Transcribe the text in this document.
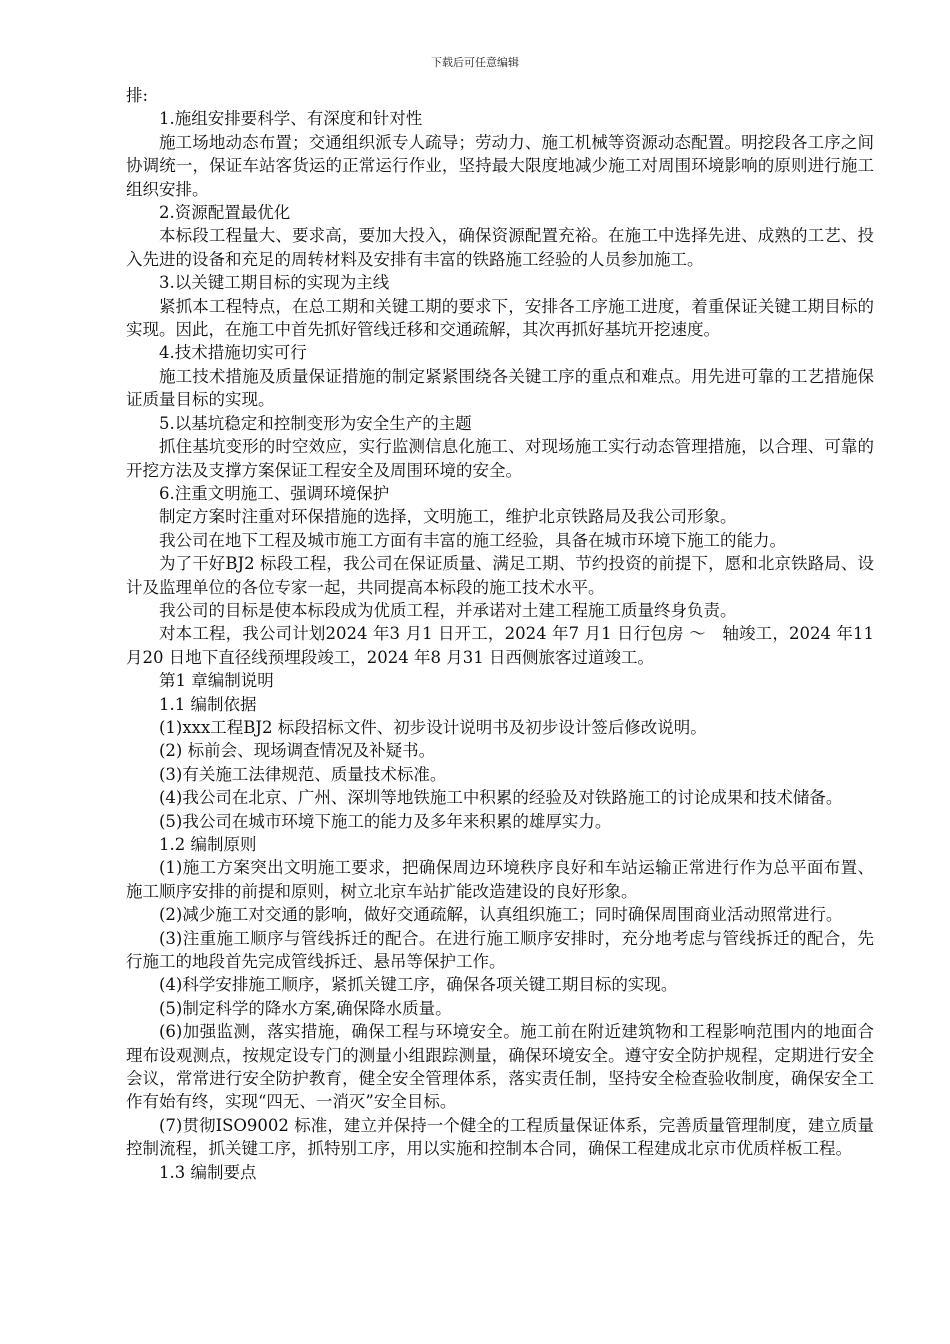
下载后可任意编辑

排:

1.施组安排要科学、有深度和针对性

施工场地动态布置；交通组织派专人疏导；劳动力、施工机械等资源动态配置。明挖段各工序之间协调统一，保证车站客货运的正常运行作业，坚持最大限度地减少施工对周围环境影响的原则进行施工组织安排。

2.资源配置最优化

本标段工程量大、要求高，要加大投入，确保资源配置充裕。在施工中选择先进、成熟的工艺、投入先进的设备和充足的周转材料及安排有丰富的铁路施工经验的人员参加施工。

3.以关键工期目标的实现为主线

紧抓本工程特点，在总工期和关键工期的要求下，安排各工序施工进度，着重保证关键工期目标的实现。因此，在施工中首先抓好管线迁移和交通疏解，其次再抓好基坑开挖速度。

4.技术措施切实可行

施工技术措施及质量保证措施的制定紧紧围绕各关键工序的重点和难点。用先进可靠的工艺措施保证质量目标的实现。

5.以基坑稳定和控制变形为安全生产的主题

抓住基坑变形的时空效应，实行监测信息化施工、对现场施工实行动态管理措施，以合理、可靠的开挖方法及支撑方案保证工程安全及周围环境的安全。

6.注重文明施工、强调环境保护

制定方案时注重对环保措施的选择，文明施工，维护北京铁路局及我公司形象。

我公司在地下工程及城市施工方面有丰富的施工经验，具备在城市环境下施工的能力。

为了干好BJ2 标段工程，我公司在保证质量、满足工期、节约投资的前提下，愿和北京铁路局、设计及监理单位的各位专家一起，共同提高本标段的施工技术水平。

我公司的目标是使本标段成为优质工程，并承诺对土建工程施工质量终身负责。

对本工程，我公司计划2024 年3 月1 日开工，2024 年7 月1 日行包房 ～　轴竣工，2024 年11 月20 日地下直径线预埋段竣工，2024 年8 月31 日西侧旅客过道竣工。

第1 章编制说明

1.1 编制依据

(1)xxx工程BJ2 标段招标文件、初步设计说明书及初步设计签后修改说明。

(2) 标前会、现场调查情况及补疑书。

(3)有关施工法律规范、质量技术标准。

(4)我公司在北京、广州、深圳等地铁施工中积累的经验及对铁路施工的讨论成果和技术储备。

(5)我公司在城市环境下施工的能力及多年来积累的雄厚实力。

1.2 编制原则

(1)施工方案突出文明施工要求，把确保周边环境秩序良好和车站运输正常进行作为总平面布置、施工顺序安排的前提和原则，树立北京车站扩能改造建设的良好形象。

(2)减少施工对交通的影响，做好交通疏解，认真组织施工；同时确保周围商业活动照常进行。

(3)注重施工顺序与管线拆迁的配合。在进行施工顺序安排时，充分地考虑与管线拆迁的配合，先行施工的地段首先完成管线拆迁、悬吊等保护工作。

(4)科学安排施工顺序，紧抓关键工序，确保各项关键工期目标的实现。

(5)制定科学的降水方案,确保降水质量。

(6)加强监测，落实措施，确保工程与环境安全。施工前在附近建筑物和工程影响范围内的地面合理布设观测点，按规定设专门的测量小组跟踪测量，确保环境安全。遵守安全防护规程，定期进行安全会议，常常进行安全防护教育，健全安全管理体系，落实责任制，坚持安全检查验收制度，确保安全工作有始有终，实现“四无、一消灭”安全目标。

(7)贯彻ISO9002 标准，建立并保持一个健全的工程质量保证体系，完善质量管理制度，建立质量控制流程，抓关键工序，抓特别工序，用以实施和控制本合同，确保工程建成北京市优质样板工程。

1.3 编制要点
